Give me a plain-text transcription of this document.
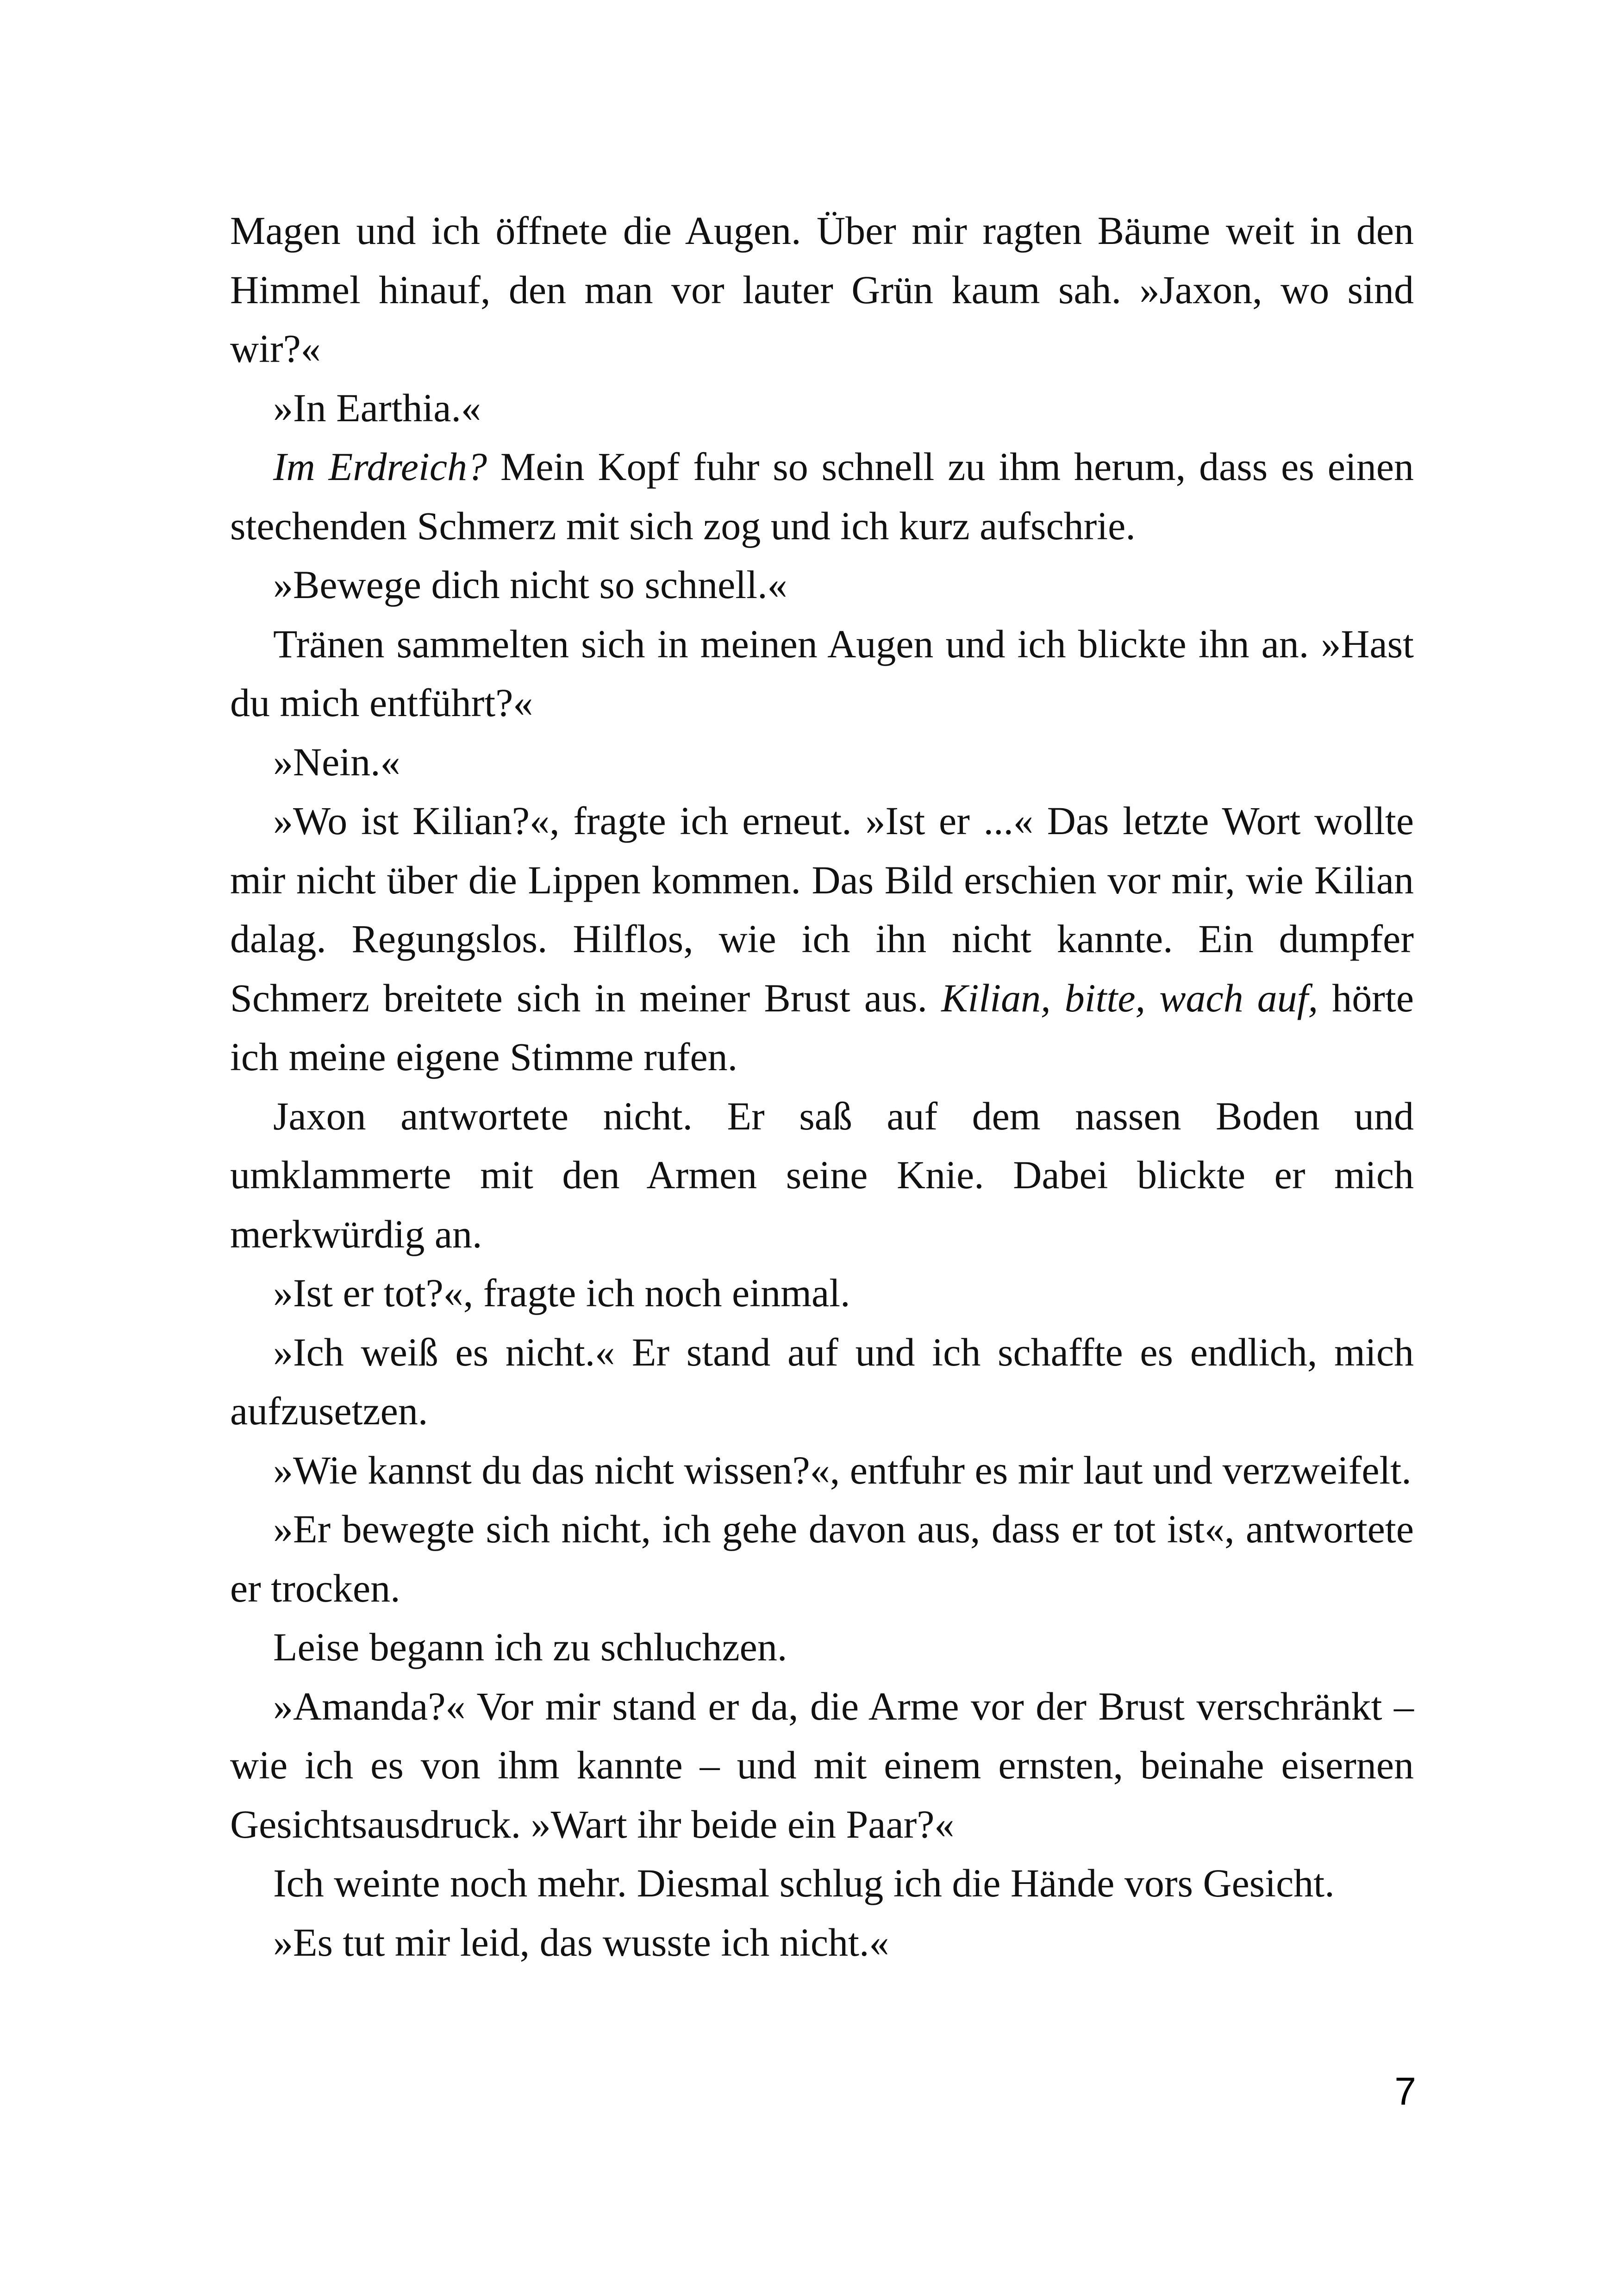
Magen und ich öffnete die Augen. Über mir ragten Bäume weit in den Himmel hinauf, den man vor lauter Grün kaum sah. »Jaxon, wo sind wir?«

»In Earthia.«

Im Erdreich? Mein Kopf fuhr so schnell zu ihm herum, dass es einen stechenden Schmerz mit sich zog und ich kurz aufschrie.

»Bewege dich nicht so schnell.«

Tränen sammelten sich in meinen Augen und ich blickte ihn an. »Hast du mich entführt?«

»Nein.«

»Wo ist Kilian?«, fragte ich erneut. »Ist er ...« Das letzte Wort wollte mir nicht über die Lippen kommen. Das Bild erschien vor mir, wie Kilian dalag. Regungslos. Hilflos, wie ich ihn nicht kannte. Ein dumpfer Schmerz breitete sich in meiner Brust aus. Kilian, bitte, wach auf, hörte ich meine eigene Stimme rufen.

Jaxon antwortete nicht. Er saß auf dem nassen Boden und umklammerte mit den Armen seine Knie. Dabei blickte er mich merkwürdig an.

»Ist er tot?«, fragte ich noch einmal.

»Ich weiß es nicht.« Er stand auf und ich schaffte es endlich, mich aufzusetzen.

»Wie kannst du das nicht wissen?«, entfuhr es mir laut und verzweifelt.

»Er bewegte sich nicht, ich gehe davon aus, dass er tot ist«, antwortete er trocken.

Leise begann ich zu schluchzen.

»Amanda?« Vor mir stand er da, die Arme vor der Brust verschränkt – wie ich es von ihm kannte – und mit einem ernsten, beinahe eisernen Gesichtsausdruck. »Wart ihr beide ein Paar?«

Ich weinte noch mehr. Diesmal schlug ich die Hände vors Gesicht.

»Es tut mir leid, das wusste ich nicht.«

7
